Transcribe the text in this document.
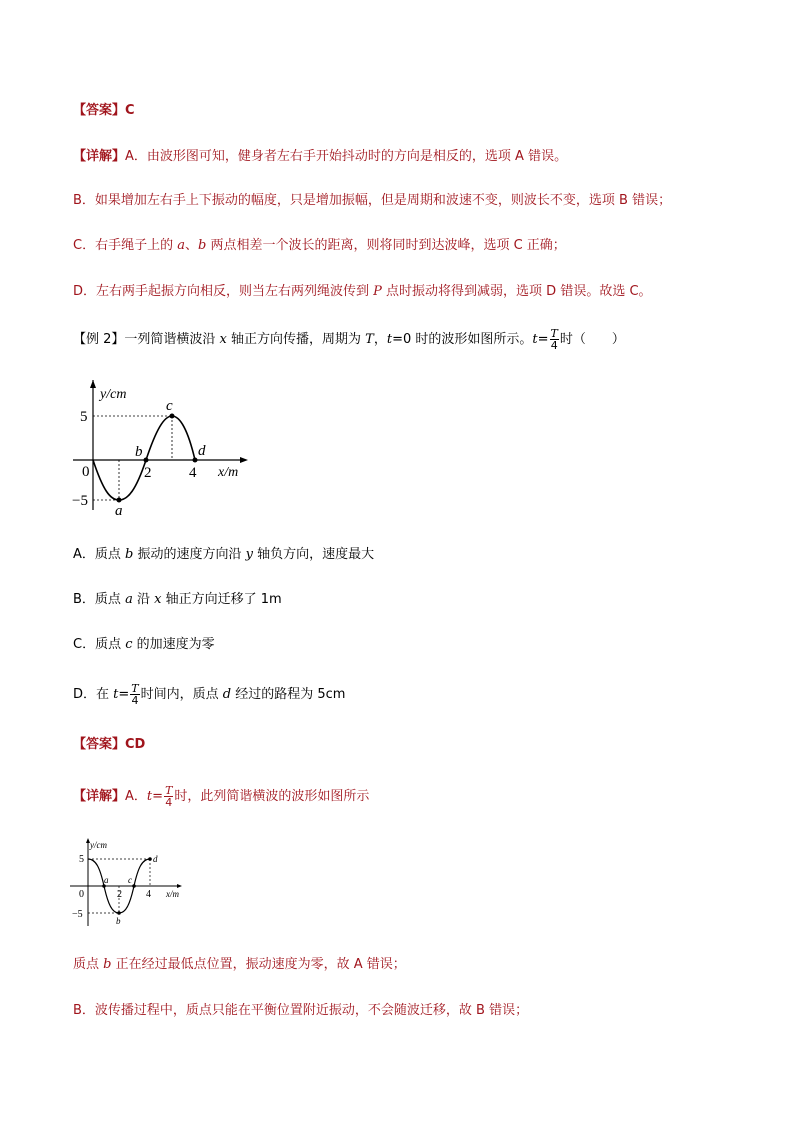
【答案】C
【详解】A．由波形图可知，健身者左右手开始抖动时的方向是相反的，选项 A 错误。
B．如果增加左右手上下振动的幅度，只是增加振幅，但是周期和波速不变，则波长不变，选项 B 错误；
C．右手绳子上的 a、b 两点相差一个波长的距离，则将同时到达波峰，选项 C 正确；
D．左右两手起振方向相反，则当左右两列绳波传到 P 点时振动将得到减弱，选项 D 错误。故选 C。
【例 2】一列简谐横波沿 x 轴正方向传播，周期为 T，t=0 时的波形如图所示。$t= \frac{T}{4}$ 时（　　）
y/cm
x/m
5
−5
0	2	4
a
b
c
d
A．质点 b 振动的速度方向沿 y 轴负方向，速度最大
B．质点 a 沿 x 轴正方向迁移了 1m
C．质点 c 的加速度为零
D．在 $t= \frac{T}{4}$ 时间内，质点 d 经过的路程为 5cm
【答案】CD
【详解】A．$t= \frac{T}{4}$ 时，此列简谐横波的波形如图所示
y/cm
x/m
5
−5
0	2 4
a
b
c
d
质点 b 正在经过最低点位置，振动速度为零，故 A 错误；
B．波传播过程中，质点只能在平衡位置附近振动，不会随波迁移，故 B 错误；
